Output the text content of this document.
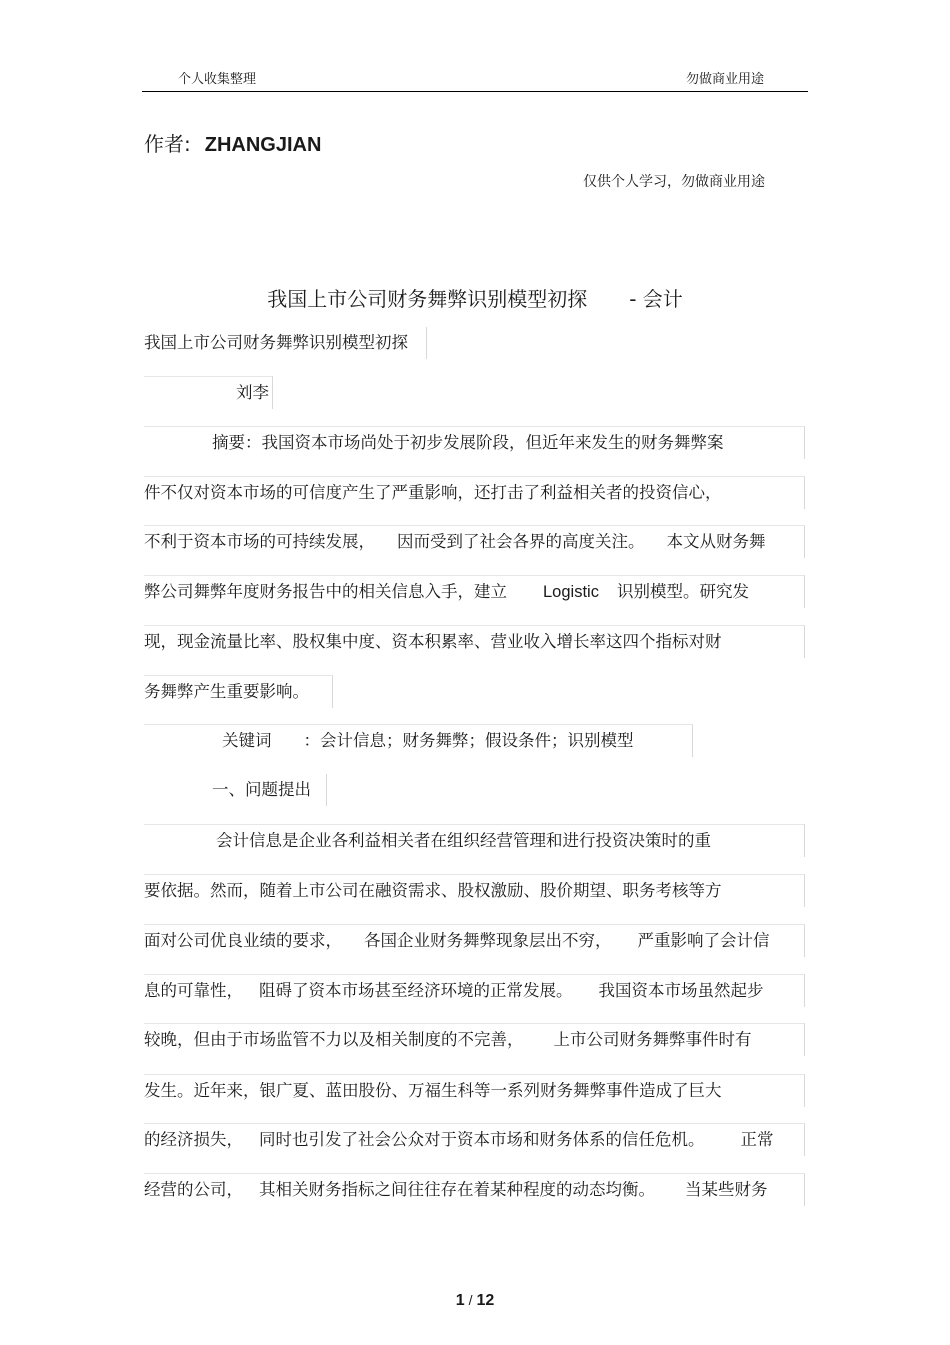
个人收集整理	勿做商业用途
作者: ZHANGJIAN
仅供个人学习，勿做商业用途
我国上市公司财务舞弊识别模型初探 - 会计
我国上市公司财务舞弊识别模型初探
刘李
摘要：我国资本市场尚处于初步发展阶段，但近年来发生的财务舞弊案
件不仅对资本市场的可信度产生了严重影响，还打击了利益相关者的投资信心，
不利于资本市场的可持续发展， 因而受到了社会各界的高度关注。 本文从财务舞
弊公司舞弊年度财务报告中的相关信息入手，建立 Logistic 识别模型。研究发
现，现金流量比率、股权集中度、资本积累率、营业收入增长率这四个指标对财
务舞弊产生重要影响。
关键词 ：会计信息；财务舞弊；假设条件；识别模型
一、问题提出
会计信息是企业各利益相关者在组织经营管理和进行投资决策时的重
要依据。然而，随着上市公司在融资需求、股权激励、股价期望、职务考核等方
面对公司优良业绩的要求， 各国企业财务舞弊现象层出不穷， 严重影响了会计信
息的可靠性， 阻碍了资本市场甚至经济环境的正常发展。 我国资本市场虽然起步
较晚，但由于市场监管不力以及相关制度的不完善， 上市公司财务舞弊事件时有
发生。近年来，银广夏、蓝田股份、万福生科等一系列财务舞弊事件造成了巨大
的经济损失， 同时也引发了社会公众对于资本市场和财务体系的信任危机。 正常
经营的公司， 其相关财务指标之间往往存在着某种程度的动态均衡。 当某些财务
1 / 12
